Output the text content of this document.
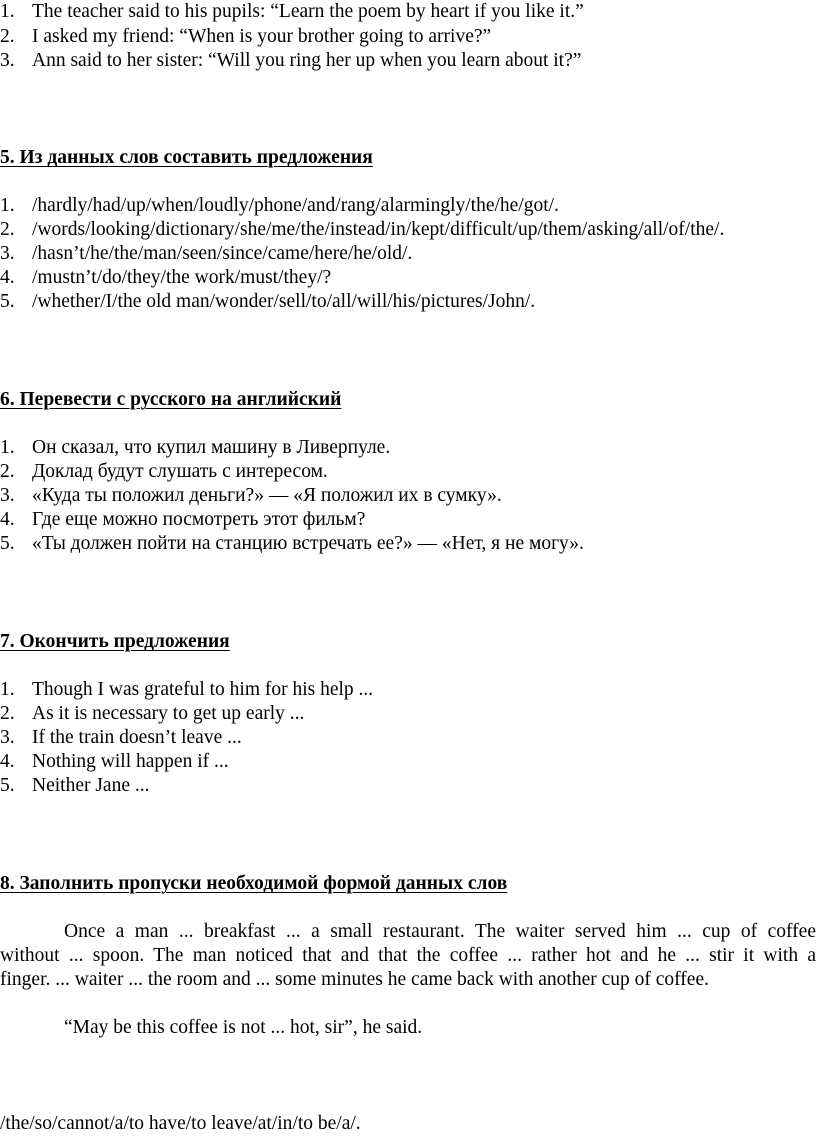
1. The teacher said to his pupils: “Learn the poem by heart if you like it.”
2. I asked my friend: “When is your brother going to arrive?”
3. Ann said to her sister: “Will you ring her up when you learn about it?”
5. Из данных слов составить предложения
1. /hardly/had/up/when/loudly/phone/and/rang/alarmingly/the/he/got/.
2. /words/looking/dictionary/she/me/the/instead/in/kept/difficult/up/them/asking/all/of/the/.
3. /hasn’t/he/the/man/seen/since/came/here/he/old/.
4. /mustn’t/do/they/the work/must/they/?
5. /whether/I/the old man/wonder/sell/to/all/will/his/pictures/John/.
6. Перевести с русского на английский
1. Он сказал, что купил машину в Ливерпуле.
2. Доклад будут слушать с интересом.
3. «Куда ты положил деньги?» — «Я положил их в сумку».
4. Где еще можно посмотреть этот фильм?
5. «Ты должен пойти на станцию встречать ее?» — «Нет, я не могу».
7. Окончить предложения
1. Though I was grateful to him for his help ...
2. As it is necessary to get up early ...
3. If the train doesn’t leave ...
4. Nothing will happen if ...
5. Neither Jane ...
8. Заполнить пропуски необходимой формой данных слов
Once a man ... breakfast ... a small restaurant. The waiter served him ... cup of coffee
without ... spoon. The man noticed that and that the coffee ... rather hot and he ... stir it with a
finger. ... waiter ... the room and ... some minutes he came back with another cup of coffee.
“May be this coffee is not ... hot, sir”, he said.
/the/so/cannot/a/to have/to leave/at/in/to be/a/.
